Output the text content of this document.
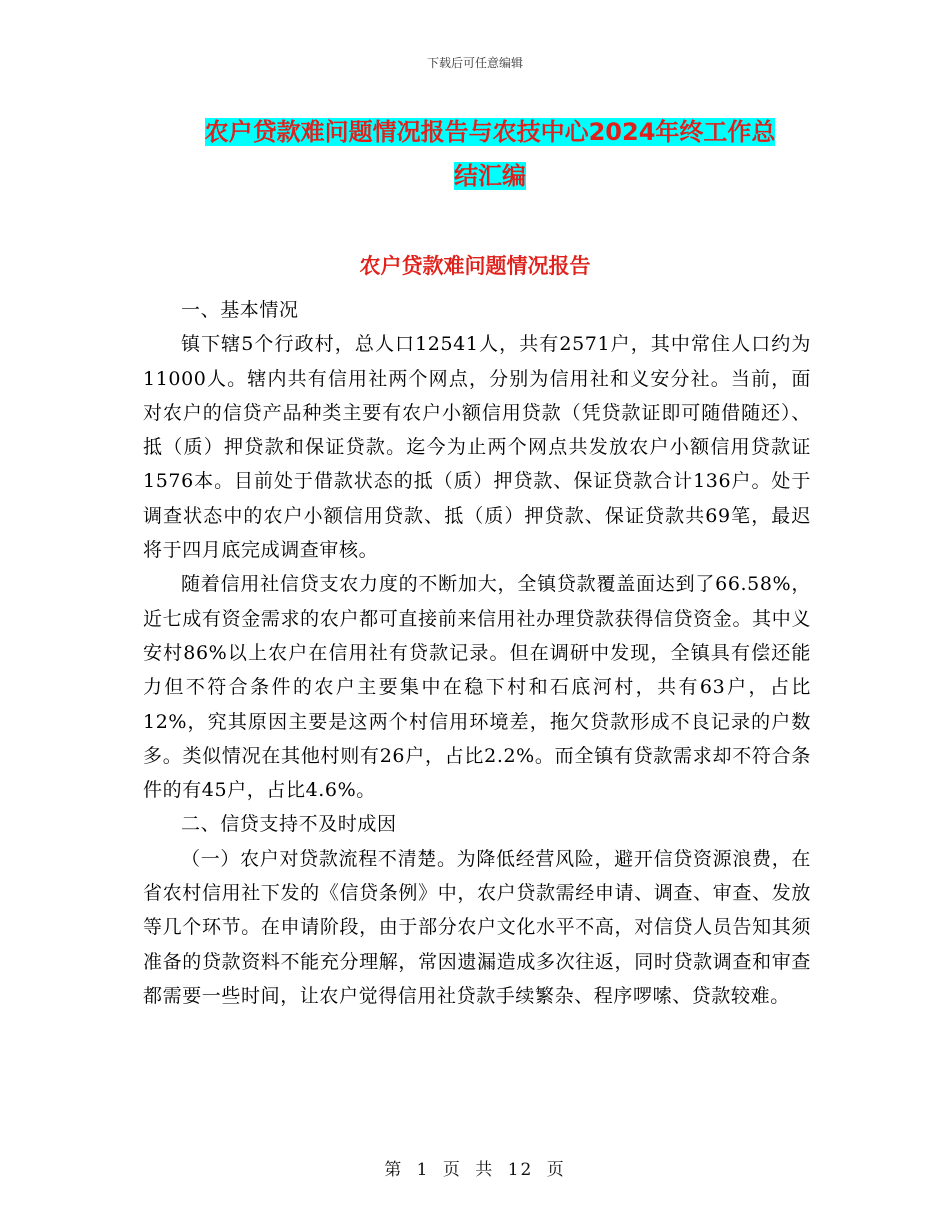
下载后可任意编辑
农户贷款难问题情况报告与农技中心2024年终工作总
结汇编
农户贷款难问题情况报告

一、基本情况

镇下辖5个行政村，总人口12541人，共有2571户，其中常住人口约为11000人。辖内共有信用社两个网点，分别为信用社和义安分社。当前，面对农户的信贷产品种类主要有农户小额信用贷款（凭贷款证即可随借随还）、抵（质）押贷款和保证贷款。迄今为止两个网点共发放农户小额信用贷款证1576本。目前处于借款状态的抵（质）押贷款、保证贷款合计136户。处于调查状态中的农户小额信用贷款、抵（质）押贷款、保证贷款共69笔，最迟将于四月底完成调查审核。

随着信用社信贷支农力度的不断加大，全镇贷款覆盖面达到了66.58%，近七成有资金需求的农户都可直接前来信用社办理贷款获得信贷资金。其中义安村86%以上农户在信用社有贷款记录。但在调研中发现，全镇具有偿还能力但不符合条件的农户主要集中在稳下村和石底河村，共有63户，占比12%，究其原因主要是这两个村信用环境差，拖欠贷款形成不良记录的户数多。类似情况在其他村则有26户，占比2.2%。而全镇有贷款需求却不符合条件的有45户，占比4.6%。

二、信贷支持不及时成因

（一）农户对贷款流程不清楚。为降低经营风险，避开信贷资源浪费，在省农村信用社下发的《信贷条例》中，农户贷款需经申请、调查、审查、发放等几个环节。在申请阶段，由于部分农户文化水平不高，对信贷人员告知其须准备的贷款资料不能充分理解，常因遗漏造成多次往返，同时贷款调查和审查都需要一些时间，让农户觉得信用社贷款手续繁杂、程序啰嗦、贷款较难。

第 1 页 共 12 页
